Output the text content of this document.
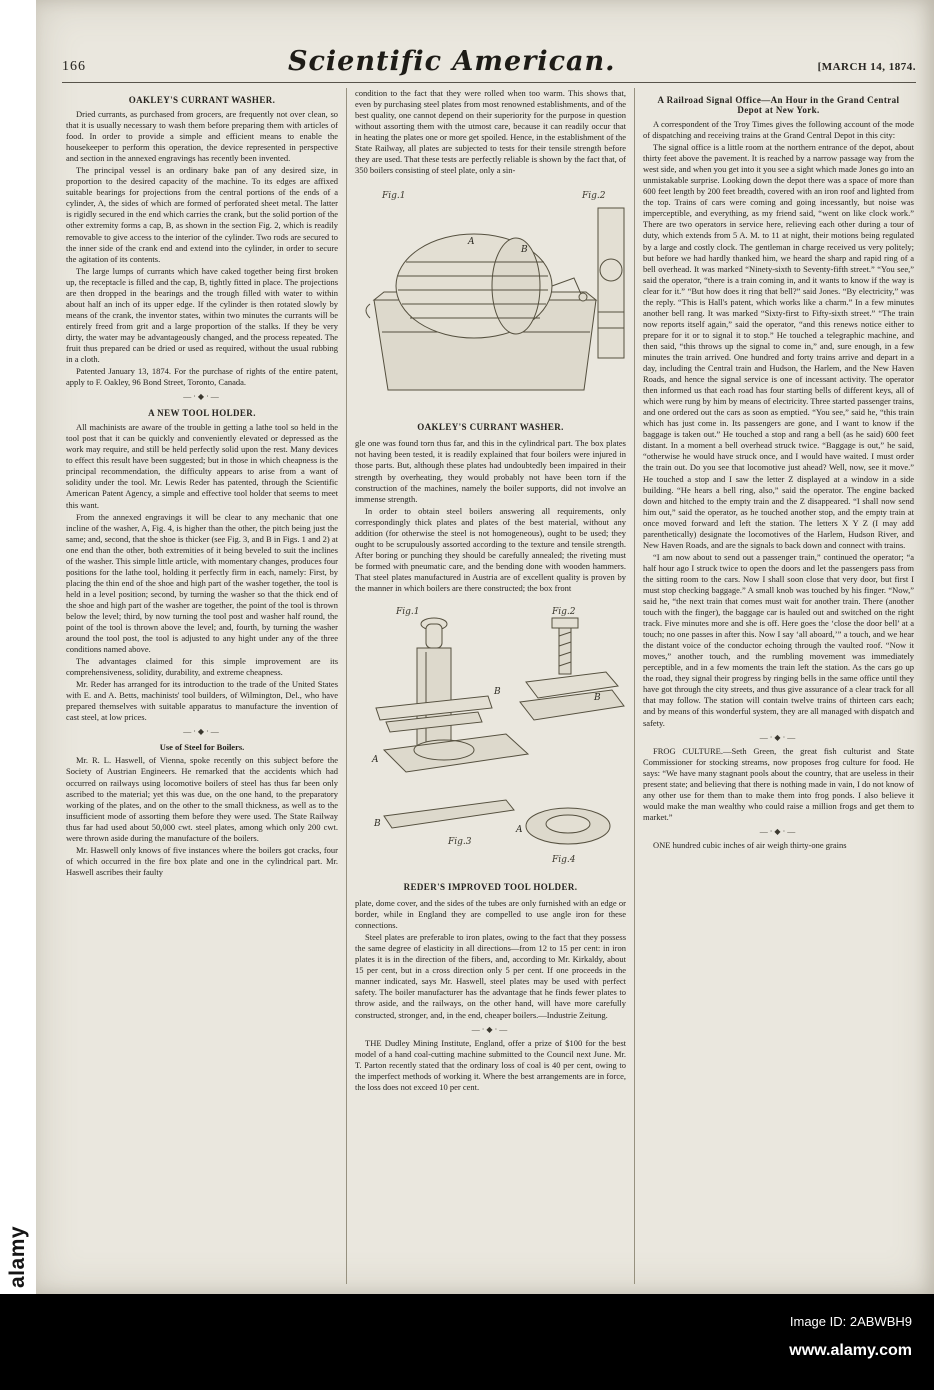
166	Scientific American.	[MARCH 14, 1874.
OAKLEY'S CURRANT WASHER.

Dried currants, as purchased from grocers, are frequently not over clean, so that it is usually necessary to wash them before preparing them with articles of food. In order to provide a simple and efficient means to enable the housekeeper to perform this operation, the device represented in perspective and section in the annexed engravings has recently been invented.

The principal vessel is an ordinary bake pan of any desired size, in proportion to the desired capacity of the machine. To its edges are affixed suitable bearings for projections from the central portions of the ends of a cylinder, A, the sides of which are formed of perforated sheet metal. The latter is rigidly secured in the end which carries the crank, but the solid portion of the other extremity forms a cap, B, as shown in the section Fig. 2, which is readily removable to give access to the interior of the cylinder. Two rods are secured to the inner side of the crank end and extend into the cylinder, in order to secure the agitation of its contents.

The large lumps of currants which have caked together being first broken up, the receptacle is filled and the cap, B, tightly fitted in place. The projections are then dropped in the bearings and the trough filled with water to within about half an inch of its upper edge. If the cylinder is then rotated slowly by means of the crank, the inventor states, within two minutes the currants will be entirely freed from grit and a large proportion of the stalks. If they be very dirty, the water may be advantageously changed, and the process repeated. The fruit thus prepared can be dried or used as required, without the usual rubbing in a cloth.

Patented January 13, 1874. For the purchase of rights of the entire patent, apply to F. Oakley, 96 Bond Street, Toronto, Canada.

—·◆·—
A NEW TOOL HOLDER.

All machinists are aware of the trouble in getting a lathe tool so held in the tool post that it can be quickly and conveniently elevated or depressed as the work may require, and still be held perfectly solid upon the rest. Many devices to effect this result have been suggested; but in those in which cheapness is the principal recommendation, the difficulty appears to arise from a want of solidity under the tool. Mr. Lewis Reder has patented, through the Scientific American Patent Agency, a simple and effective tool holder that seems to meet this want.

From the annexed engravings it will be clear to any mechanic that one incline of the washer, A, Fig. 4, is higher than the other, the pitch being just the same; and, second, that the shoe is thicker (see Fig. 3, and B in Figs. 1 and 2) at one end than the other, both extremities of it being beveled to suit the inclines of the washer. This simple little article, with momentary changes, produces four positions for the lathe tool, holding it perfectly firm in each, namely: First, by placing the thin end of the shoe and high part of the washer together, the tool is held in a level position; second, by turning the washer so that the thick end of the shoe and high part of the washer are together, the point of the tool is thrown below the level; third, by now turning the tool post and washer half round, the point of the tool is thrown above the level; and, fourth, by turning the washer around the tool post, the tool is adjusted to any hight under any of the three conditions named above.

The advantages claimed for this simple improvement are its comprehensiveness, solidity, durability, and extreme cheapness.

Mr. Reder has arranged for its introduction to the trade of the United States with E. and A. Betts, machinists' tool builders, of Wilmington, Del., who have prepared themselves with suitable apparatus to manufacture the invention of cast steel, at low prices.

—·◆·—
Use of Steel for Boilers.

Mr. R. L. Haswell, of Vienna, spoke recently on this subject before the Society of Austrian Engineers. He remarked that the accidents which had occurred on railways using locomotive boilers of steel has thus far been only ascribed to the material; yet this was due, on the one hand, to the preparatory working of the plates, and on the other to the small thickness, as well as to the insufficient mode of assorting them before they were used. The State Railway thus far had used about 50,000 cwt. steel plates, among which only 200 cwt. were thrown aside during the manufacture of the boilers.

Mr. Haswell only knows of five instances where the boilers got cracks, four of which occurred in the fire box plate and one in the cylindrical part. Mr. Haswell ascribes their faulty

condition to the fact that they were rolled when too warm. This shows that, even by purchasing steel plates from most renowned establishments, and of the best quality, one cannot depend on their superiority for the purpose in question without assorting them with the utmost care, because it can readily occur that in heating the plates one or more get spoiled. Hence, in the establishment of the State Railway, all plates are subjected to tests for their tensile strength before they are used. That these tests are perfectly reliable is shown by the fact that, of 350 boilers consisting of steel plate, only a sin-

Fig.1	Fig.2
A
B
OAKLEY'S CURRANT WASHER.

gle one was found torn thus far, and this in the cylindrical part. The box plates not having been tested, it is readily explained that four boilers were injured in those parts. But, although these plates had undoubtedly been impaired in their strength by overheating, they would probably not have been torn if the construction of the machines, namely the boiler supports, did not involve an immense strength.

In order to obtain steel boilers answering all requirements, only correspondingly thick plates and plates of the best material, without any addition (for otherwise the steel is not homogeneous), ought to be used; they ought to be scrupulously assorted according to the texture and tensile strength. After boring or punching they should be carefully annealed; the riveting must be formed with pneumatic care, and the bending done with wooden hammers. That steel plates manufactured in Austria are of excellent quality is proven by the manner in which boilers are there constructed; the box front

Fig.1	Fig.2
A
B
B
Fig.3
B
Fig.4
A
REDER'S IMPROVED TOOL HOLDER.

plate, dome cover, and the sides of the tubes are only furnished with an edge or border, while in England they are compelled to use angle iron for these connections.

Steel plates are preferable to iron plates, owing to the fact that they possess the same degree of elasticity in all directions—from 12 to 15 per cent: in iron plates it is in the direction of the fibers, and, according to Mr. Kirkaldy, about 15 per cent, but in a cross direction only 5 per cent. If one proceeds in the manner indicated, says Mr. Haswell, steel plates may be used with perfect safety. The boiler manufacturer has the advantage that he finds fewer plates to throw aside, and the railways, on the other hand, will have more carefully constructed, stronger, and, in the end, cheaper boilers.—Industrie Zeitung.

—·◆·—

THE Dudley Mining Institute, England, offer a prize of $100 for the best model of a hand coal-cutting machine submitted to the Council next June. Mr. T. Parton recently stated that the ordinary loss of coal is 40 per cent, owing to the imperfect methods of working it. Where the best arrangements are in force, the loss does not exceed 10 per cent.

A Railroad Signal Office—An Hour in the Grand Central Depot at New York.

A correspondent of the Troy Times gives the following account of the mode of dispatching and receiving trains at the Grand Central Depot in this city:

The signal office is a little room at the northern entrance of the depot, about thirty feet above the pavement. It is reached by a narrow passage way from the west side, and when you get into it you see a sight which made Jones go into an unmistakable surprise. Looking down the depot there was a space of more than 600 feet length by 200 feet breadth, covered with an iron roof and lighted from the top. Trains of cars were coming and going incessantly, but noise was imperceptible, and everything, as my friend said, “went on like clock work.” There are two operators in service here, relieving each other during a tour of duty, which extends from 5 A. M. to 11 at night, their motions being regulated by a large and costly clock. The gentleman in charge received us very politely; but before we had hardly thanked him, we heard the sharp and rapid ring of a bell overhead. It was marked “Ninety-sixth to Seventy-fifth street.” “You see,” said the operator, “there is a train coming in, and it wants to know if the way is clear for it.” “But how does it ring that bell?” said Jones. “By electricity,” was the reply. “This is Hall's patent, which works like a charm.” In a few minutes another bell rang. It was marked “Sixty-first to Fifty-sixth street.” “The train now reports itself again,” said the operator, “and this renews notice either to prepare for it or to signal it to stop.” He touched a telegraphic machine, and then said, “this throws up the signal to come in,” and, sure enough, in a few minutes the train arrived. One hundred and forty trains arrive and depart in a day, including the Central train and Hudson, the Harlem, and the New Haven Roads, and hence the signal service is one of incessant activity. The operator then informed us that each road has four starting bells of different keys, all of which were rung by him by means of electricity. Three started passenger trains, and one ordered out the cars as soon as emptied. “You see,” said he, “this train which has just come in. Its passengers are gone, and I want to know if the baggage is taken out.” He touched a stop and rang a bell (as he said) 600 feet distant. In a moment a bell overhead struck twice. “Baggage is out,” he said, “otherwise he would have struck once, and I would have waited. I must order the train out. Do you see that locomotive just ahead? Well, now, see it move.” He touched a stop and I saw the letter Z displayed at a window in a side building. “He hears a bell ring, also,” said the operator. The engine backed down and hitched to the empty train and the Z disappeared. “I shall now send him out,” said the operator, as he touched another stop, and the empty train at once moved forward and left the station. The letters X Y Z (I may add parenthetically) designate the locomotives of the Harlem, Hudson River, and New Haven Roads, and are the signals to back down and connect with trains.

“I am now about to send out a passenger train,” continued the operator; “a half hour ago I struck twice to open the doors and let the passengers pass from the sitting room to the cars. Now I shall soon close that very door, but first I must stop checking baggage.” A small knob was touched by his finger. “Now,” said he, “the next train that comes must wait for another train. There (another touch with the finger), the baggage car is hauled out and switched on the right track. Five minutes more and she is off. Here goes the ‘close the door bell’ at a touch; no one passes in after this. Now I say ‘all aboard,’” a touch, and we hear the distant voice of the conductor echoing through the vaulted roof. “Now it moves,” another touch, and the rumbling movement was immediately perceptible, and in a few moments the train left the station. As the cars go up the road, they signal their progress by ringing bells in the same office until they have got through the city streets, and thus give assurance of a clear track for all that may follow. The station will contain twelve trains of thirteen cars each; and by means of this wonderful system, they are all managed with dispatch and safety.

—·◆·—

FROG CULTURE.—Seth Green, the great fish culturist and State Commissioner for stocking streams, now proposes frog culture for food. He says: “We have many stagnant pools about the country, that are useless in their present state; and believing that there is nothing made in vain, I do not know of any other use for them than to make them into frog ponds. I also believe it would make the man wealthy who could raise a million frogs and get them to market.”

—·◆·—

ONE hundred cubic inches of air weigh thirty-one grains

alamy
Image ID: 2ABWBH9
www.alamy.com
